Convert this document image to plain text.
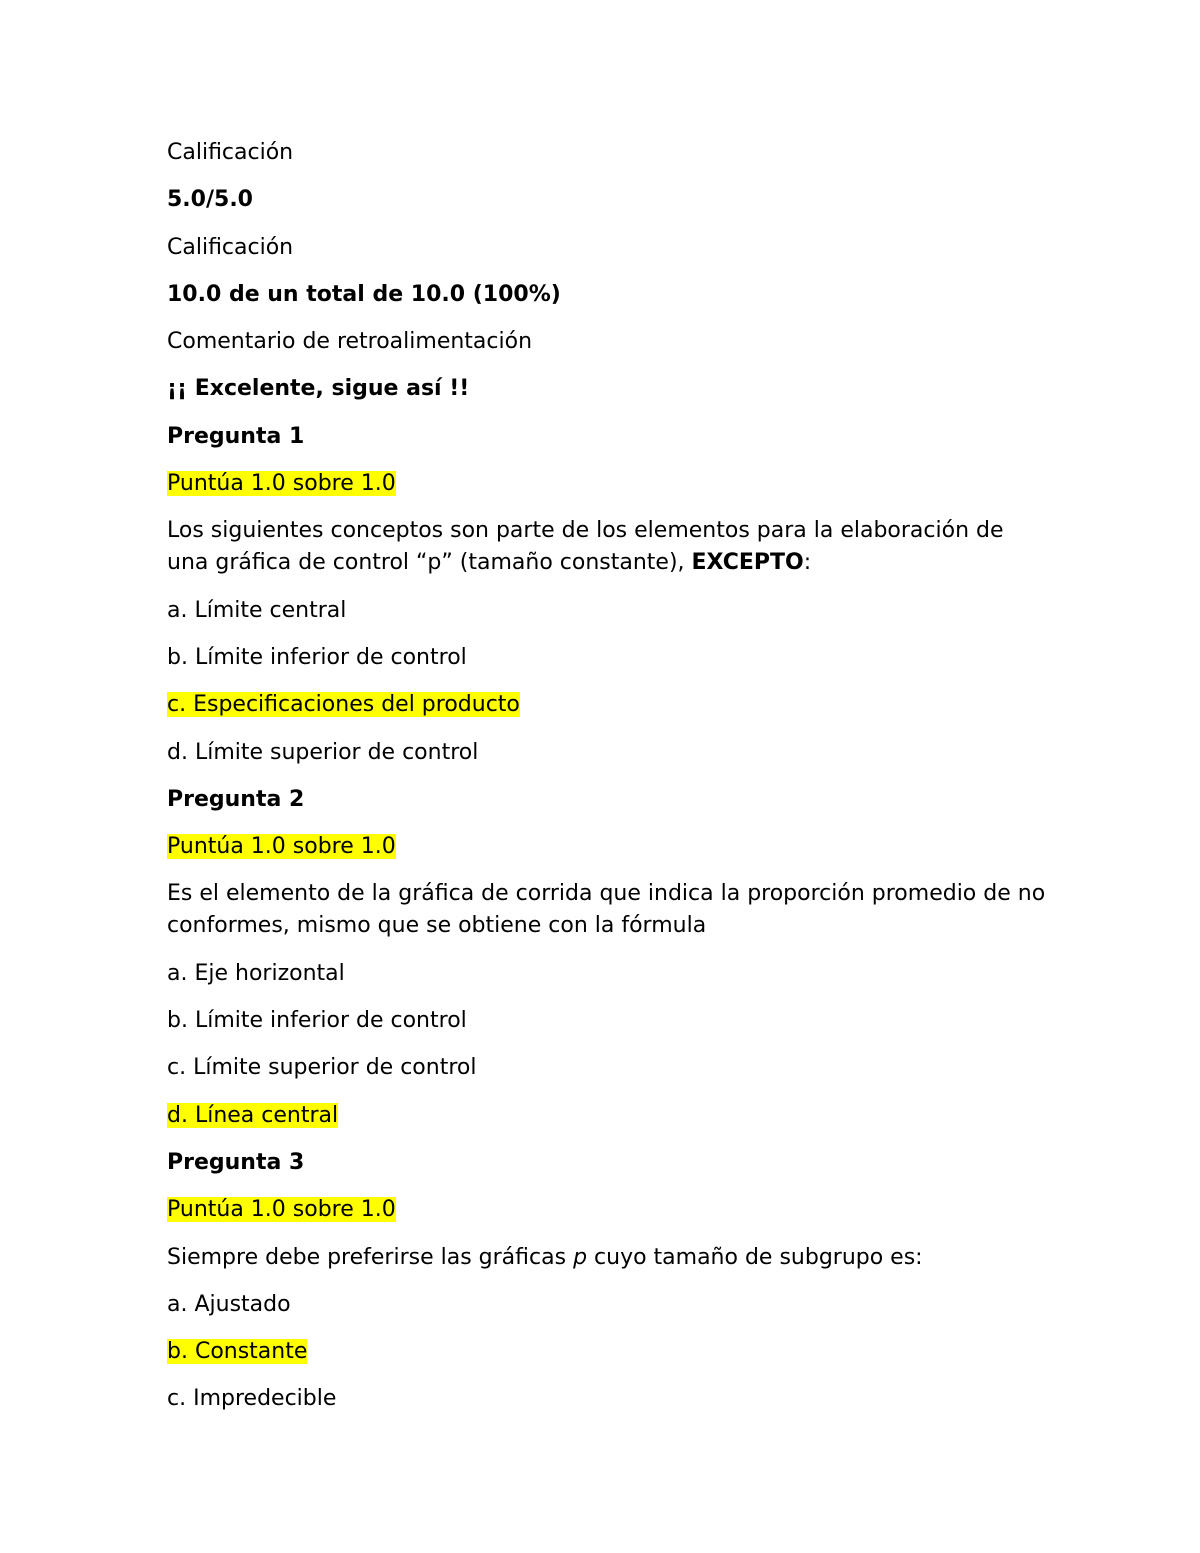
Calificación

5.0/5.0

Calificación

10.0 de un total de 10.0 (100%)

Comentario de retroalimentación

¡¡ Excelente, sigue así !!

Pregunta 1

Puntúa 1.0 sobre 1.0

Los siguientes conceptos son parte de los elementos para la elaboración de una gráfica de control “p” (tamaño constante), EXCEPTO:

a. Límite central

b. Límite inferior de control

c. Especificaciones del producto

d. Límite superior de control

Pregunta 2

Puntúa 1.0 sobre 1.0

Es el elemento de la gráfica de corrida que indica la proporción promedio de no conformes, mismo que se obtiene con la fórmula

a. Eje horizontal

b. Límite inferior de control

c. Límite superior de control

d. Línea central

Pregunta 3

Puntúa 1.0 sobre 1.0

Siempre debe preferirse las gráficas p cuyo tamaño de subgrupo es:

a. Ajustado

b. Constante

c. Impredecible
